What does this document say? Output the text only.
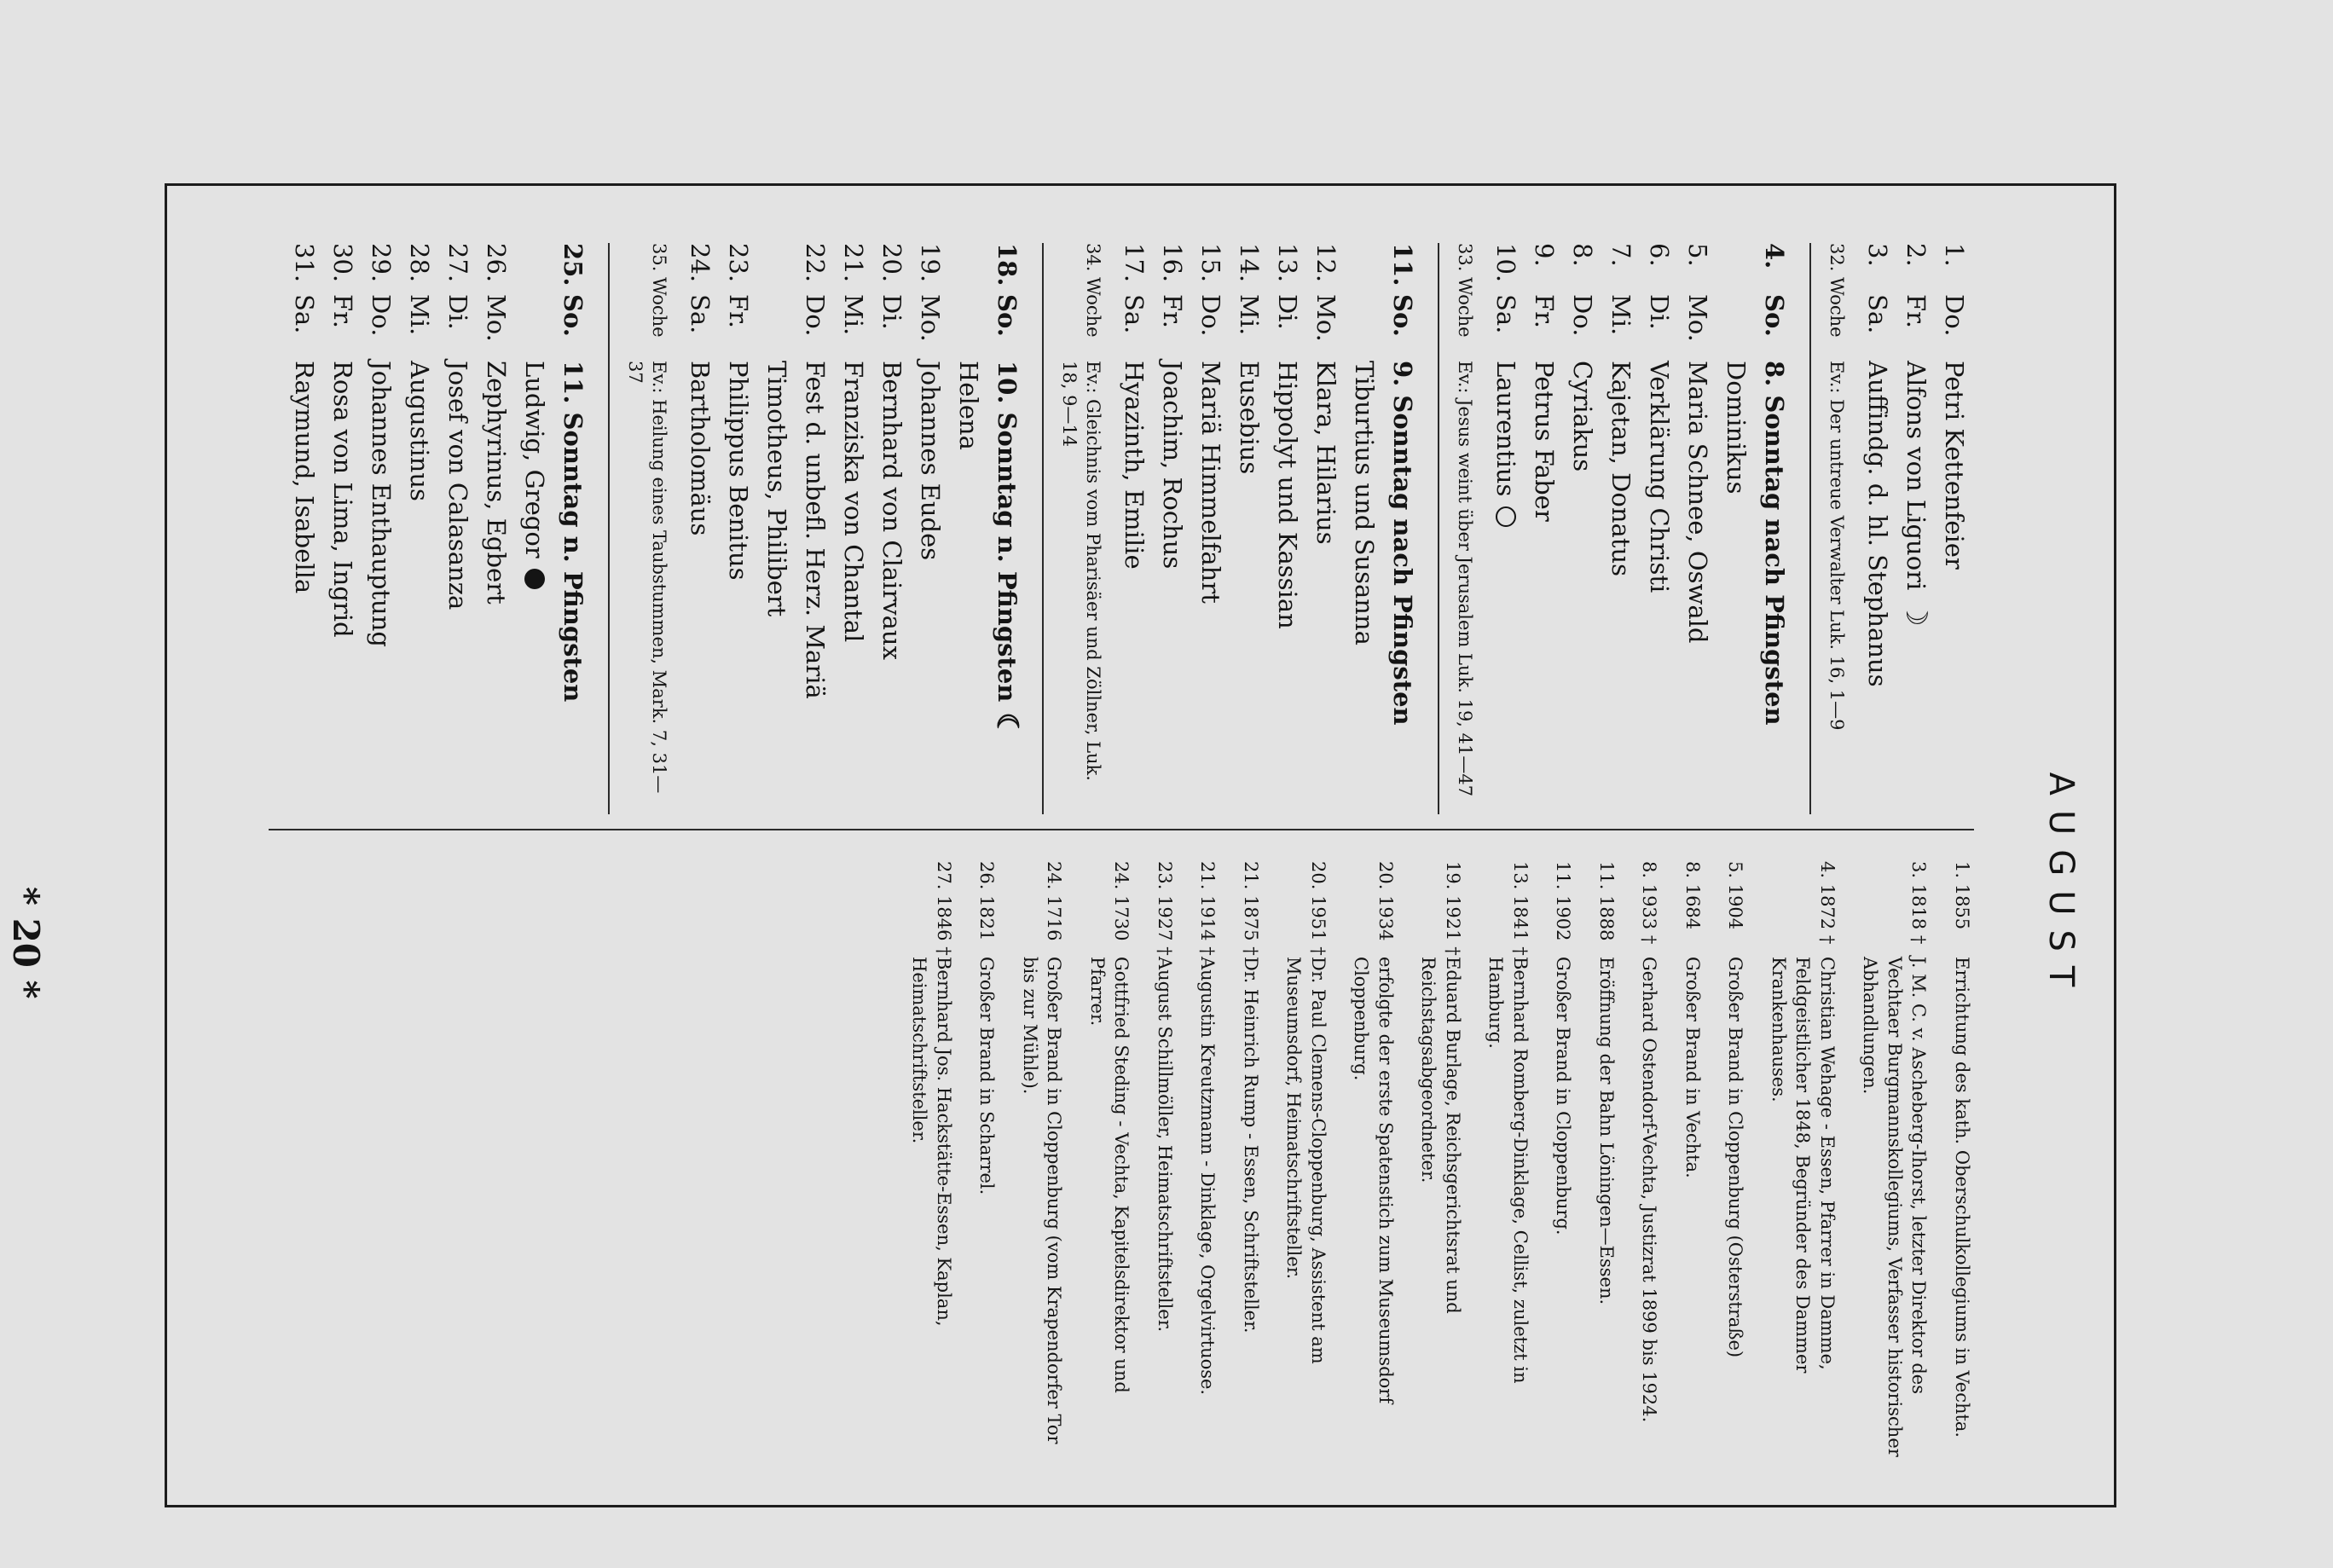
AUGUST
1.
Do.
Petri Kettenfeier
2.
Fr.
Alfons von Liguori
☽
3.
Sa.
Auffindg. d. hl. Stephanus
32. Woche
Ev.: Der untreue Verwalter Luk. 16, 1—9
4.
So.
8. Sonntag nach Pfingsten
Dominikus
5.
Mo.
Maria Schnee, Oswald
6.
Di.
Verklärung Christi
7.
Mi.
Kajetan, Donatus
8.
Do.
Cyriakus
9.
Fr.
Petrus Faber
10.
Sa.
Laurentius
33. Woche
Ev.: Jesus weint über Jerusalem Luk. 19, 41—47
11.
So.
9. Sonntag nach Pfingsten
Tiburtius und Susanna
12.
Mo.
Klara, Hilarius
13.
Di.
Hippolyt und Kassian
14.
Mi.
Eusebius
15.
Do.
Mariä Himmelfahrt
16.
Fr.
Joachim, Rochus
17.
Sa.
Hyazinth, Emilie
34. Woche
Ev.: Gleichnis vom Pharisäer und Zöllner, Luk. 18, 9—14
18.
So.
10. Sonntag n. Pfingsten
☾
Helena
19.
Mo.
Johannes Eudes
20.
Di.
Bernhard von Clairvaux
21.
Mi.
Franziska von Chantal
22.
Do.
Fest d. unbefl. Herz. Mariä
Timotheus, Philibert
23.
Fr.
Philippus Benitus
24.
Sa.
Bartholomäus
35. Woche
Ev.: Heilung eines Taubstummen, Mark. 7, 31—37
25.
So.
11. Sonntag n. Pfingsten
Ludwig, Gregor
26.
Mo.
Zephyrinus, Egbert
27.
Di.
Josef von Calasanza
28.
Mi.
Augustinus
29.
Do.
Johannes Enthauptung
30.
Fr.
Rosa von Lima, Ingrid
31.
Sa.
Raymund, Isabella
1. 1855
Errichtung des kath. Oberschulkollegiums in Vechta.
3. 1818 †
J. M. C. v. Ascheberg-Ihorst, letzter Direktor des Vechtaer Burgmannskollegiums, Verfasser historischer Abhandlungen.
4. 1872 †
Christian Wehage - Essen, Pfarrer in Damme, Feldgeistlicher 1848, Begründer des Dammer Krankenhauses.
5. 1904
Großer Brand in Cloppenburg (Osterstraße)
8. 1684
Großer Brand in Vechta.
8. 1933 †
Gerhard Ostendorf-Vechta, Justizrat 1899 bis 1924.
11. 1888
Eröffnung der Bahn Löningen—Essen.
11. 1902
Großer Brand in Cloppenburg.
13. 1841 †
Bernhard Romberg-Dinklage, Cellist, zuletzt in Hamburg.
19. 1921 †
Eduard Burlage, Reichsgerichtsrat und Reichstagsabgeordneter.
20. 1934
erfolgte der erste Spatenstich zum Museumsdorf Cloppenburg.
20. 1951 †
Dr. Paul Clemens-Cloppenburg, Assistent am Museumsdorf, Heimatschriftsteller.
21. 1875 †
Dr. Heinrich Rump - Essen, Schriftsteller.
21. 1914 †
Augustin Kreutzmann - Dinklage, Orgelvirtuose.
23. 1927 †
August Schillmöller, Heimatschriftsteller.
24. 1730
Gottfried Steding - Vechta, Kapitelsdirektor und Pfarrer.
24. 1716
Großer Brand in Cloppenburg (vom Krapendorfer Tor bis zur Mühle).
26. 1821
Großer Brand in Scharrel.
27. 1846 †
Bernhard Jos. Hackstätte-Essen, Kaplan, Heimatschriftsteller.
* 20 *
